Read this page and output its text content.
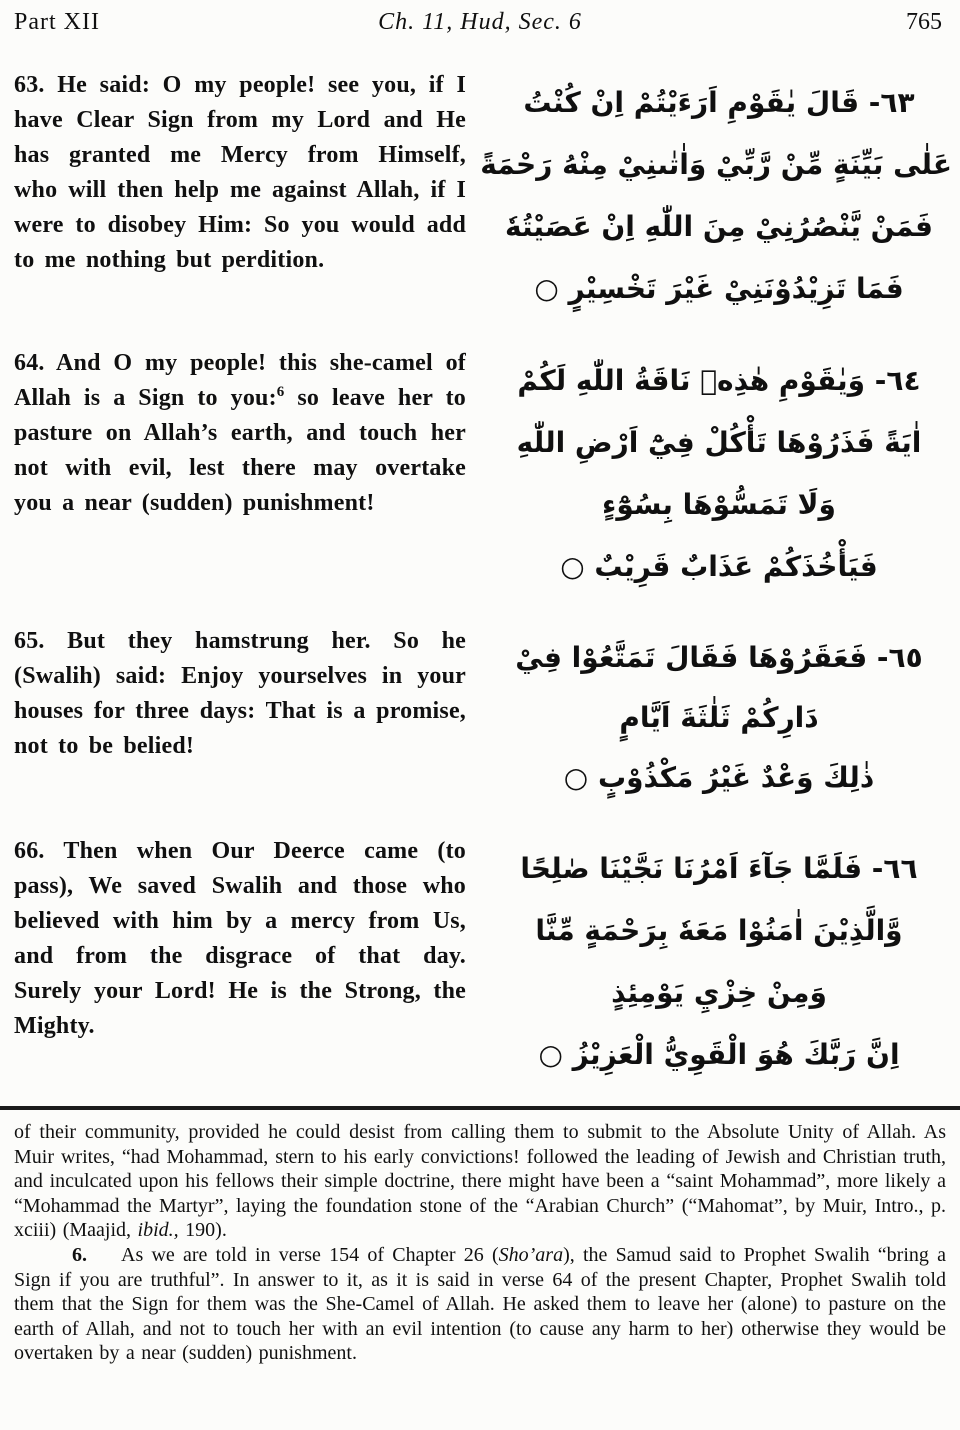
Part XII	Ch. 11, Hud, Sec. 6	765
63. He said: O my people! see you, if I have Clear Sign from my Lord and He has granted me Mercy from Himself, who will then help me against Allah, if I were to disobey Him: So you would add to me nothing but perdition.
٦٣- قَالَ يٰقَوْمِ اَرَءَيْتُمْ اِنْ كُنْتُ
عَلٰى بَيِّنَةٍ مِّنْ رَّبِّيْ وَاٰتٰىنِيْ مِنْهُ رَحْمَةً
فَمَنْ يَّنْصُرُنِيْ مِنَ اللّٰهِ اِنْ عَصَيْتُهٗ
فَمَا تَزِيْدُوْنَنِيْ غَيْرَ تَخْسِيْرٍ ○
64. And O my people! this she-camel of Allah is a Sign to you:$^6$ so leave her to pasture on Allah’s earth, and touch her not with evil, lest there may overtake you a near (sudden) punishment!
٦٤- وَيٰقَوْمِ هٰذِهٖ نَاقَةُ اللّٰهِ لَكُمْ
اٰيَةً فَذَرُوْهَا تَأْكُلْ فِيْٓ اَرْضِ اللّٰهِ
وَلَا تَمَسُّوْهَا بِسُوْٓءٍ
فَيَأْخُذَكُمْ عَذَابٌ قَرِيْبٌ ○
65. But they hamstrung her. So he (Swalih) said: Enjoy yourselves in your houses for three days: That is a promise, not to be belied!
٦٥- فَعَقَرُوْهَا فَقَالَ تَمَتَّعُوْا فِيْ
دَارِكُمْ ثَلٰثَةَ اَيَّامٍ
ذٰلِكَ وَعْدٌ غَيْرُ مَكْذُوْبٍ ○
66. Then when Our Deerce came (to pass), We saved Swalih and those who believed with him by a mercy from Us, and from the disgrace of that day. Surely your Lord! He is the Strong, the Mighty.
٦٦- فَلَمَّا جَآءَ اَمْرُنَا نَجَّيْنَا صٰلِحًا
وَّالَّذِيْنَ اٰمَنُوْا مَعَهٗ بِرَحْمَةٍ مِّنَّا
وَمِنْ خِزْيِ يَوْمِئِذٍ
اِنَّ رَبَّكَ هُوَ الْقَوِيُّ الْعَزِيْزُ ○

of their community, provided he could desist from calling them to submit to the Absolute Unity of Allah. As Muir writes, “had Mohammad, stern to his early convictions! followed the leading of Jewish and Christian truth, and inculcated upon his fellows their simple doctrine, there might have been a “saint Mohammad”, more likely a “Mohammad the Martyr”, laying the foundation stone of the “Arabian Church” (“Mahomat”, by Muir, Intro., p. xciii) (Maajid, ibid., 190).

6. As we are told in verse 154 of Chapter 26 (Sho’ara), the Samud said to Prophet Swalih “bring a Sign if you are truthful”. In answer to it, as it is said in verse 64 of the present Chapter, Prophet Swalih told them that the Sign for them was the She-Camel of Allah. He asked them to leave her (alone) to pasture on the earth of Allah, and not to touch her with an evil intention (to cause any harm to her) otherwise they would be overtaken by a near (sudden) punishment.
